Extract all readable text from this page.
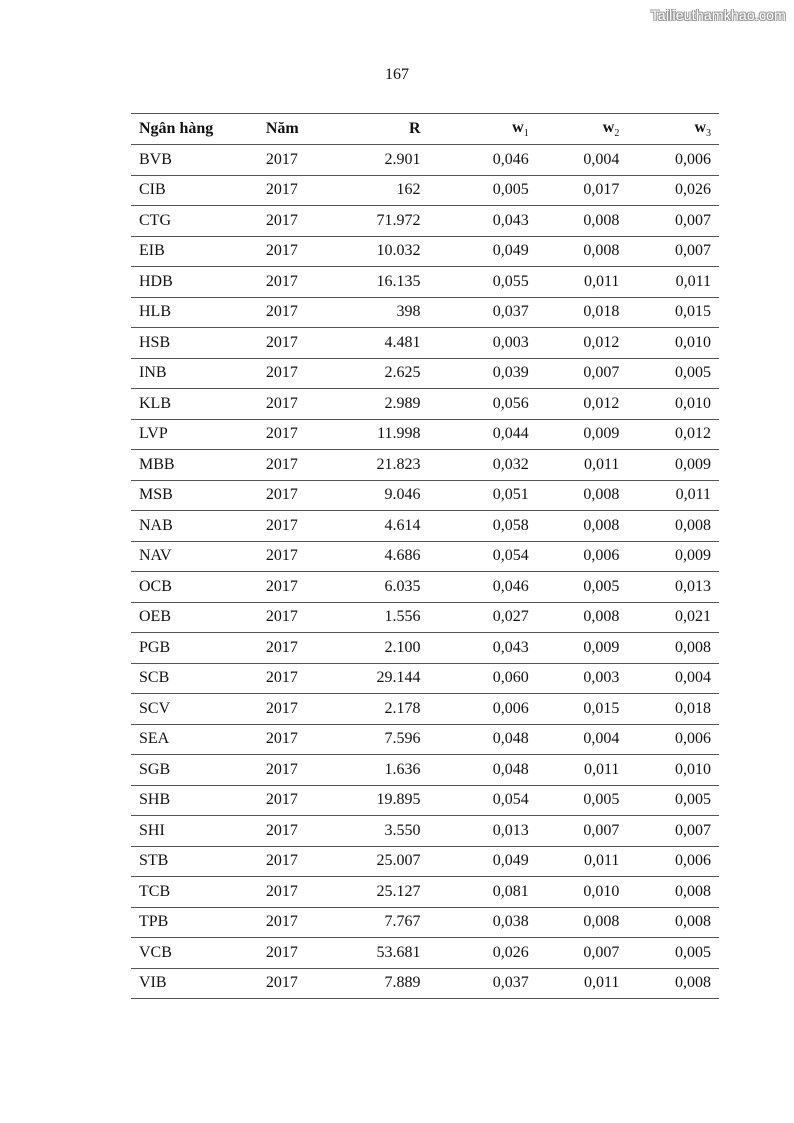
Tailieuthamkhao.com
167
Ngân hàng	Năm	R	$w_1$	$w_2$	$w_3$
BVB	2017	2.901	0,046	0,004	0,006
CIB	2017	162	0,005	0,017	0,026
CTG	2017	71.972	0,043	0,008	0,007
EIB	2017	10.032	0,049	0,008	0,007
HDB	2017	16.135	0,055	0,011	0,011
HLB	2017	398	0,037	0,018	0,015
HSB	2017	4.481	0,003	0,012	0,010
INB	2017	2.625	0,039	0,007	0,005
KLB	2017	2.989	0,056	0,012	0,010
LVP	2017	11.998	0,044	0,009	0,012
MBB	2017	21.823	0,032	0,011	0,009
MSB	2017	9.046	0,051	0,008	0,011
NAB	2017	4.614	0,058	0,008	0,008
NAV	2017	4.686	0,054	0,006	0,009
OCB	2017	6.035	0,046	0,005	0,013
OEB	2017	1.556	0,027	0,008	0,021
PGB	2017	2.100	0,043	0,009	0,008
SCB	2017	29.144	0,060	0,003	0,004
SCV	2017	2.178	0,006	0,015	0,018
SEA	2017	7.596	0,048	0,004	0,006
SGB	2017	1.636	0,048	0,011	0,010
SHB	2017	19.895	0,054	0,005	0,005
SHI	2017	3.550	0,013	0,007	0,007
STB	2017	25.007	0,049	0,011	0,006
TCB	2017	25.127	0,081	0,010	0,008
TPB	2017	7.767	0,038	0,008	0,008
VCB	2017	53.681	0,026	0,007	0,005
VIB	2017	7.889	0,037	0,011	0,008
